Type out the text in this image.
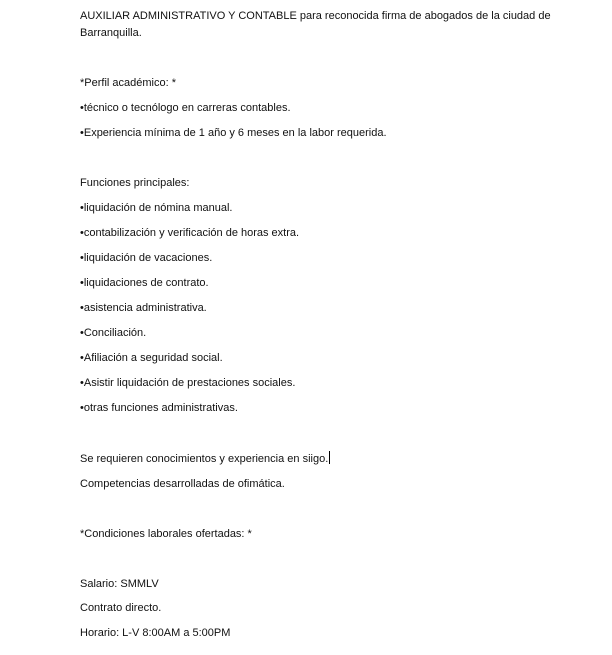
AUXILIAR ADMINISTRATIVO Y CONTABLE para reconocida firma de abogados de la ciudad de Barranquilla.

*Perfil académico: *

•técnico o tecnólogo en carreras contables.

•Experiencia mínima de 1 año y 6 meses en la labor requerida.

Funciones principales:

•liquidación de nómina manual.

•contabilización y verificación de horas extra.

•liquidación de vacaciones.

•liquidaciones de contrato.

•asistencia administrativa.

•Conciliación.

•Afiliación a seguridad social.

•Asistir liquidación de prestaciones sociales.

•otras funciones administrativas.

Se requieren conocimientos y experiencia en siigo.

Competencias desarrolladas de ofimática.

*Condiciones laborales ofertadas: *

Salario: SMMLV

Contrato directo.

Horario: L-V 8:00AM a 5:00PM
